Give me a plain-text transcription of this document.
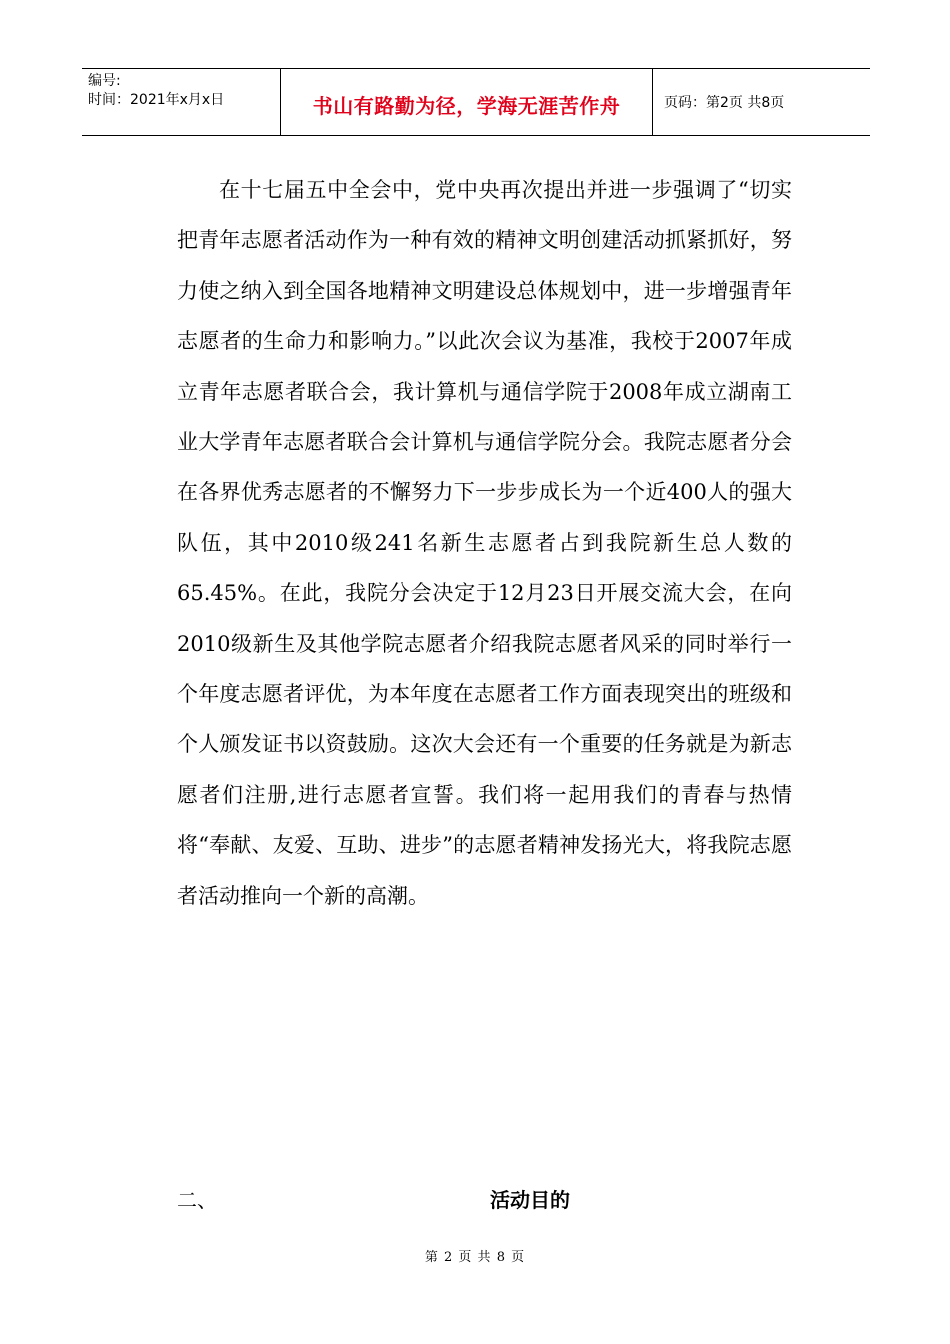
编号:
时间：2021年x月x日	书山有路勤为径，学海无涯苦作舟	页码：第2页 共8页

在十七届五中全会中，党中央再次提出并进一步强调了“切实把青年志愿者活动作为一种有效的精神文明创建活动抓紧抓好，努力使之纳入到全国各地精神文明建设总体规划中，进一步增强青年志愿者的生命力和影响力。”以此次会议为基准，我校于2007年成立青年志愿者联合会，我计算机与通信学院于2008年成立湖南工业大学青年志愿者联合会计算机与通信学院分会。我院志愿者分会在各界优秀志愿者的不懈努力下一步步成长为一个近400人的强大队伍，其中2010级241名新生志愿者占到我院新生总人数的65.45%。在此，我院分会决定于12月23日开展交流大会，在向2010级新生及其他学院志愿者介绍我院志愿者风采的同时举行一个年度志愿者评优，为本年度在志愿者工作方面表现突出的班级和个人颁发证书以资鼓励。这次大会还有一个重要的任务就是为新志愿者们注册,进行志愿者宣誓。我们将一起用我们的青春与热情将“奉献、友爱、互助、进步”的志愿者精神发扬光大，将我院志愿者活动推向一个新的高潮。

二、	活动目的
第 2 页 共 8 页
